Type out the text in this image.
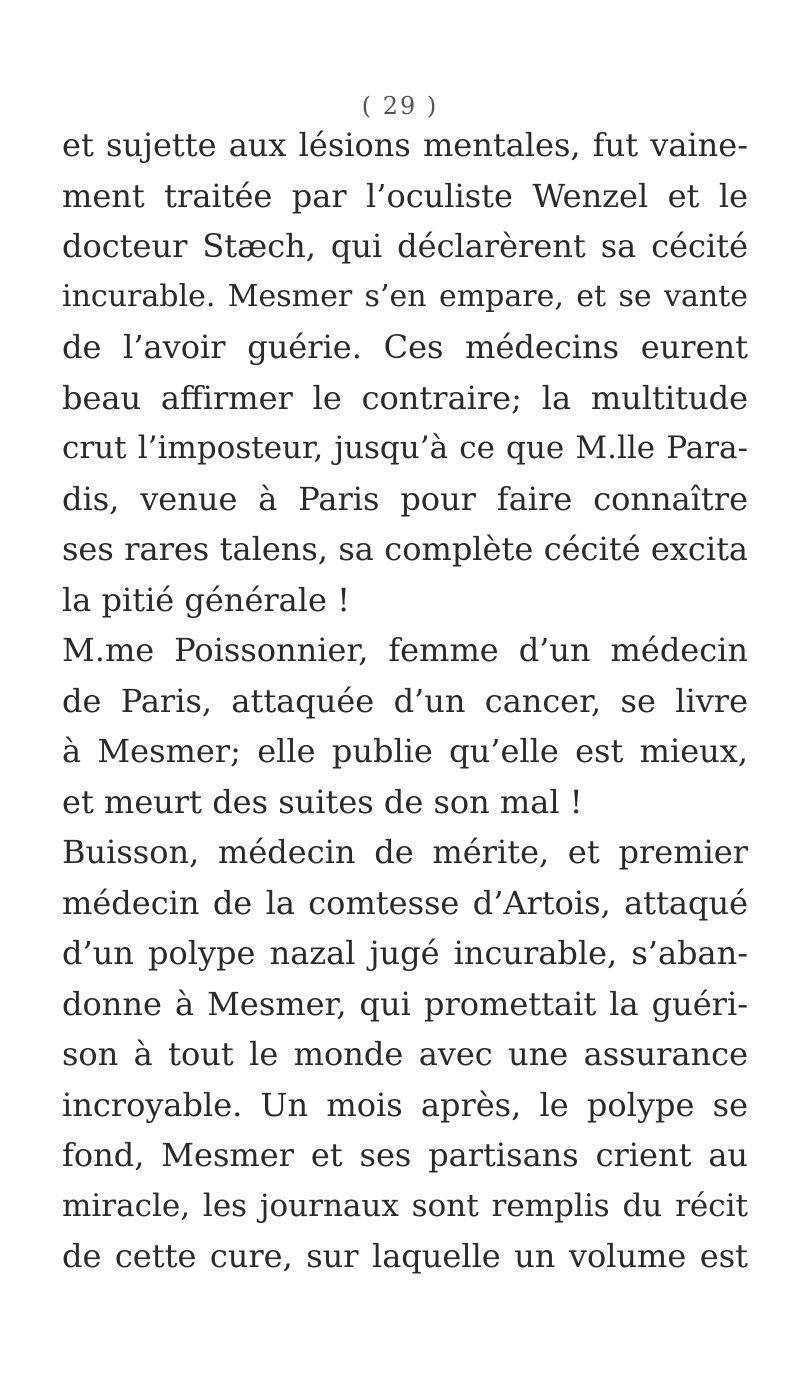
( 29 )
et sujette aux lésions mentales, fut vaine-
ment traitée par l’oculiste Wenzel et le
docteur Stæch, qui déclarèrent sa cécité
incurable. Mesmer s’en empare, et se vante
de l’avoir guérie. Ces médecins eurent
beau affirmer le contraire; la multitude
crut l’imposteur, jusqu’à ce que M.lle Para-
dis, venue à Paris pour faire connaître
ses rares talens, sa complète cécité excita
la pitié générale !
M.me Poissonnier, femme d’un médecin
de Paris, attaquée d’un cancer, se livre
à Mesmer; elle publie qu’elle est mieux,
et meurt des suites de son mal !
Buisson, médecin de mérite, et premier
médecin de la comtesse d’Artois, attaqué
d’un polype nazal jugé incurable, s’aban-
donne à Mesmer, qui promettait la guéri-
son à tout le monde avec une assurance
incroyable. Un mois après, le polype se
fond, Mesmer et ses partisans crient au
miracle, les journaux sont remplis du récit
de cette cure, sur laquelle un volume est
